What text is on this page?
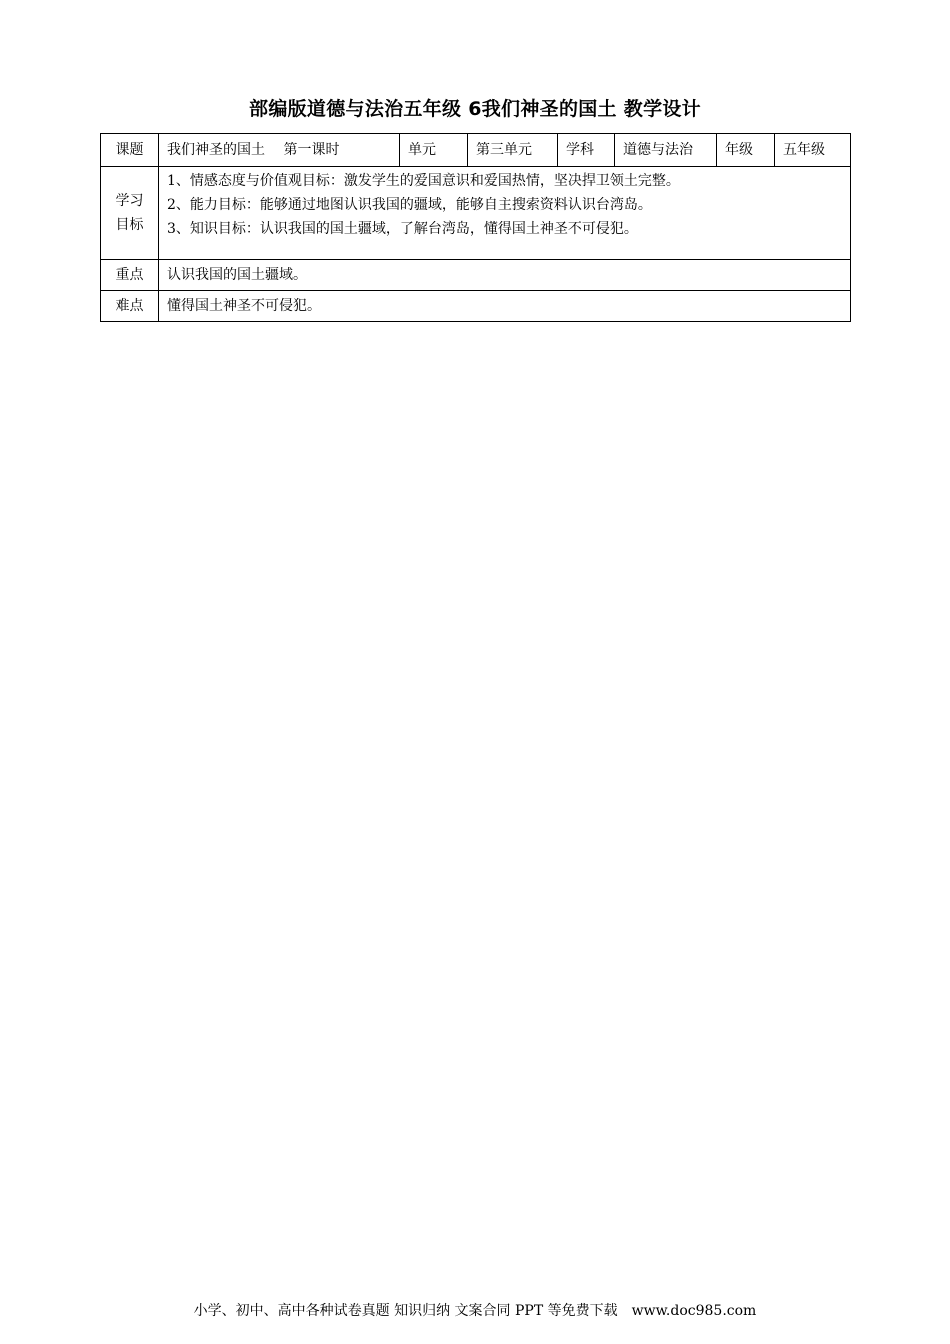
部编版道德与法治五年级 6我们神圣的国土 教学设计
课题	我们神圣的国土　 第一课时	单元	第三单元	学科	道德与法治	年级	五年级

学习
目标	1、情感态度与价值观目标：激发学生的爱国意识和爱国热情，坚决捍卫领土完整。
2、能力目标：能够通过地图认识我国的疆域，能够自主搜索资料认识台湾岛。
3、知识目标：认识我国的国土疆域，了解台湾岛，懂得国土神圣不可侵犯。						

重点	认识我国的国土疆域。						
难点	懂得国土神圣不可侵犯。						
小学、初中、高中各种试卷真题 知识归纳 文案合同 PPT 等免费下载　www.doc985.com
